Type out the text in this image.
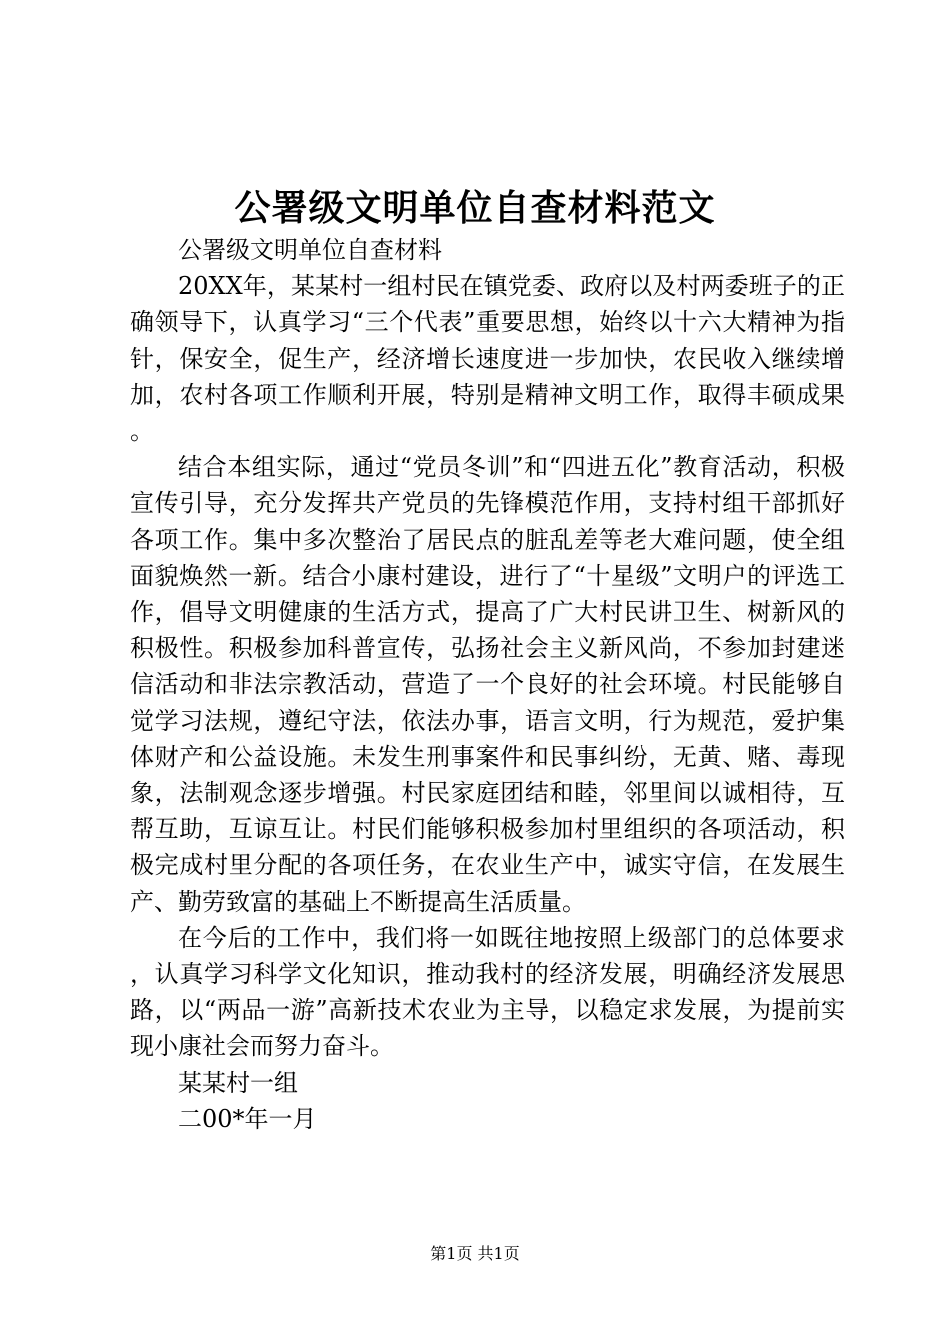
公署级文明单位自查材料范文

公署级文明单位自查材料

20XX年，某某村一组村民在镇党委、政府以及村两委班子的正确领导下，认真学习“三个代表”重要思想，始终以十六大精神为指针，保安全，促生产，经济增长速度进一步加快，农民收入继续增加，农村各项工作顺利开展，特别是精神文明工作，取得丰硕成果。

结合本组实际，通过“党员冬训”和“四进五化”教育活动，积极宣传引导，充分发挥共产党员的先锋模范作用，支持村组干部抓好各项工作。集中多次整治了居民点的脏乱差等老大难问题，使全组面貌焕然一新。结合小康村建设，进行了“十星级”文明户的评选工作，倡导文明健康的生活方式，提高了广大村民讲卫生、树新风的积极性。积极参加科普宣传，弘扬社会主义新风尚，不参加封建迷信活动和非法宗教活动，营造了一个良好的社会环境。村民能够自觉学习法规，遵纪守法，依法办事，语言文明，行为规范，爱护集体财产和公益设施。未发生刑事案件和民事纠纷，无黄、赌、毒现象，法制观念逐步增强。村民家庭团结和睦，邻里间以诚相待，互帮互助，互谅互让。村民们能够积极参加村里组织的各项活动，积极完成村里分配的各项任务，在农业生产中，诚实守信，在发展生产、勤劳致富的基础上不断提高生活质量。

在今后的工作中，我们将一如既往地按照上级部门的总体要求，认真学习科学文化知识，推动我村的经济发展，明确经济发展思路，以“两品一游”高新技术农业为主导，以稳定求发展，为提前实现小康社会而努力奋斗。

某某村一组

二00*年一月

第1页 共1页
